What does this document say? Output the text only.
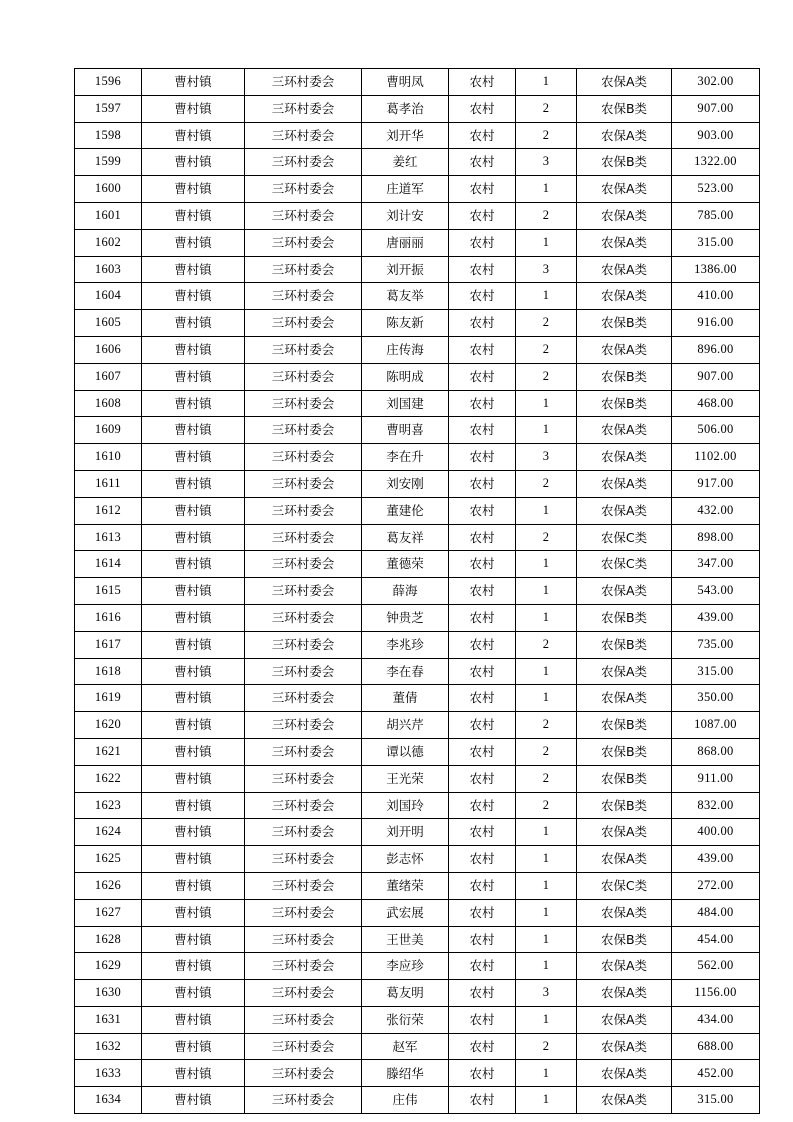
1596	曹村镇	三环村委会	曹明凤	农村	1	农保A类	302.00
1597	曹村镇	三环村委会	葛孝治	农村	2	农保B类	907.00
1598	曹村镇	三环村委会	刘开华	农村	2	农保A类	903.00
1599	曹村镇	三环村委会	姜红	农村	3	农保B类	1322.00
1600	曹村镇	三环村委会	庄道军	农村	1	农保A类	523.00
1601	曹村镇	三环村委会	刘计安	农村	2	农保A类	785.00
1602	曹村镇	三环村委会	唐丽丽	农村	1	农保A类	315.00
1603	曹村镇	三环村委会	刘开振	农村	3	农保A类	1386.00
1604	曹村镇	三环村委会	葛友举	农村	1	农保A类	410.00
1605	曹村镇	三环村委会	陈友新	农村	2	农保B类	916.00
1606	曹村镇	三环村委会	庄传海	农村	2	农保A类	896.00
1607	曹村镇	三环村委会	陈明成	农村	2	农保B类	907.00
1608	曹村镇	三环村委会	刘国建	农村	1	农保B类	468.00
1609	曹村镇	三环村委会	曹明喜	农村	1	农保A类	506.00
1610	曹村镇	三环村委会	李在升	农村	3	农保A类	1102.00
1611	曹村镇	三环村委会	刘安刚	农村	2	农保A类	917.00
1612	曹村镇	三环村委会	董建伦	农村	1	农保A类	432.00
1613	曹村镇	三环村委会	葛友祥	农村	2	农保C类	898.00
1614	曹村镇	三环村委会	董德荣	农村	1	农保C类	347.00
1615	曹村镇	三环村委会	薛海	农村	1	农保A类	543.00
1616	曹村镇	三环村委会	钟贵芝	农村	1	农保B类	439.00
1617	曹村镇	三环村委会	李兆珍	农村	2	农保B类	735.00
1618	曹村镇	三环村委会	李在春	农村	1	农保A类	315.00
1619	曹村镇	三环村委会	董倩	农村	1	农保A类	350.00
1620	曹村镇	三环村委会	胡兴芹	农村	2	农保B类	1087.00
1621	曹村镇	三环村委会	谭以德	农村	2	农保B类	868.00
1622	曹村镇	三环村委会	王光荣	农村	2	农保B类	911.00
1623	曹村镇	三环村委会	刘国玲	农村	2	农保B类	832.00
1624	曹村镇	三环村委会	刘开明	农村	1	农保A类	400.00
1625	曹村镇	三环村委会	彭志怀	农村	1	农保A类	439.00
1626	曹村镇	三环村委会	董绪荣	农村	1	农保C类	272.00
1627	曹村镇	三环村委会	武宏展	农村	1	农保A类	484.00
1628	曹村镇	三环村委会	王世美	农村	1	农保B类	454.00
1629	曹村镇	三环村委会	李应珍	农村	1	农保A类	562.00
1630	曹村镇	三环村委会	葛友明	农村	3	农保A类	1156.00
1631	曹村镇	三环村委会	张衍荣	农村	1	农保A类	434.00
1632	曹村镇	三环村委会	赵军	农村	2	农保A类	688.00
1633	曹村镇	三环村委会	滕绍华	农村	1	农保A类	452.00
1634	曹村镇	三环村委会	庄伟	农村	1	农保A类	315.00
